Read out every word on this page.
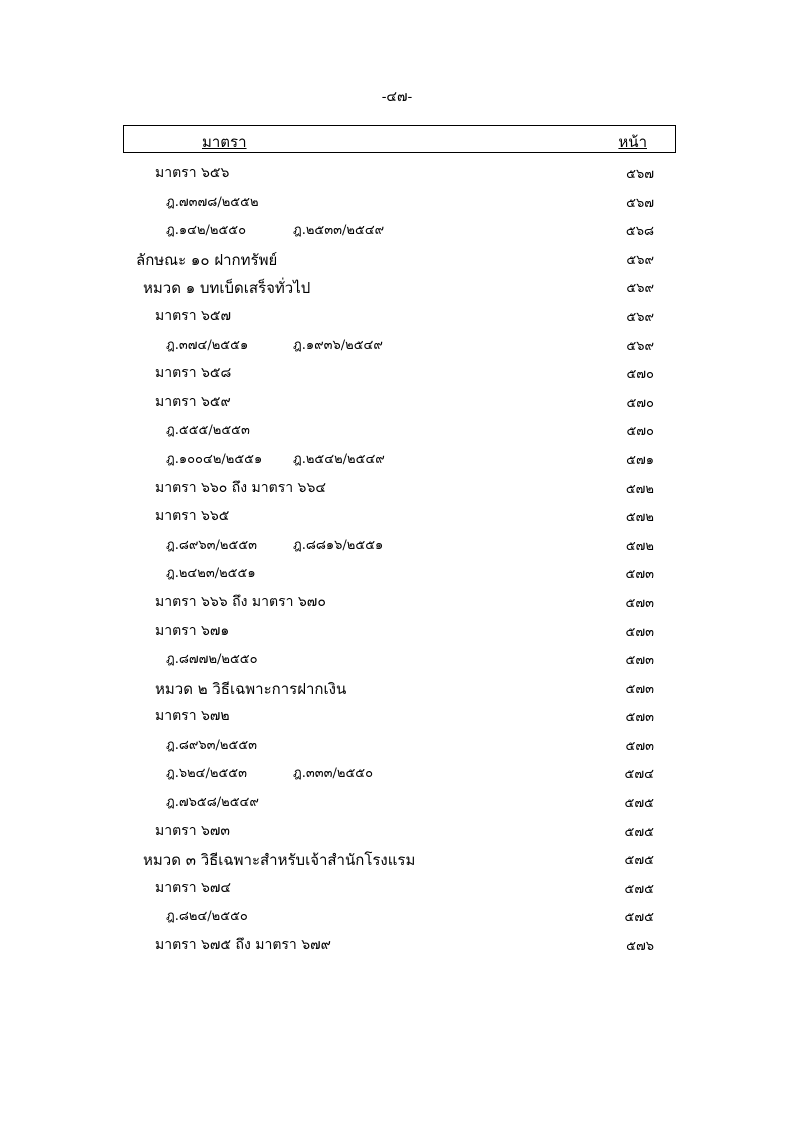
-๔๗-
มาตรา	หน้า
มาตรา ๖๕๖	๕๖๗
ฎ.๗๓๗๘/๒๕๕๒	๕๖๗
ฎ.๑๔๒/๒๕๕๐	ฎ.๒๕๓๓/๒๕๔๙	๕๖๘
ลักษณะ ๑๐ ฝากทรัพย์	๕๖๙
หมวด ๑ บทเบ็ดเสร็จทั่วไป	๕๖๙
มาตรา ๖๕๗	๕๖๙
ฎ.๓๗๔/๒๕๕๑	ฎ.๑๙๓๖/๒๕๔๙	๕๖๙
มาตรา ๖๕๘	๕๗๐
มาตรา ๖๕๙	๕๗๐
ฎ.๕๕๕/๒๕๕๓	๕๗๐
ฎ.๑๐๐๔๒/๒๕๕๑ ฎ.๒๕๔๒/๒๕๔๙	๕๗๑
มาตรา ๖๖๐ ถึง มาตรา ๖๖๔	๕๗๒
มาตรา ๖๖๕	๕๗๒
ฎ.๘๙๖๓/๒๕๕๓	ฎ.๘๘๑๖/๒๕๕๑	๕๗๒
ฎ.๒๔๒๓/๒๕๕๑	๕๗๓
มาตรา ๖๖๖ ถึง มาตรา ๖๗๐	๕๗๓
มาตรา ๖๗๑	๕๗๓
ฎ.๘๗๗๒/๒๕๕๐	๕๗๓
หมวด ๒ วิธีเฉพาะการฝากเงิน	๕๗๓
มาตรา ๖๗๒	๕๗๓
ฎ.๘๙๖๓/๒๕๕๓	๕๗๓
ฎ.๖๒๔/๒๕๕๓	ฎ.๓๓๓/๒๕๕๐	๕๗๔
ฎ.๗๖๕๘/๒๕๔๙	๕๗๕
มาตรา ๖๗๓	๕๗๕
หมวด ๓ วิธีเฉพาะสำหรับเจ้าสำนักโรงแรม	๕๗๕
มาตรา ๖๗๔	๕๗๕
ฎ.๘๒๔/๒๕๕๐	๕๗๕
มาตรา ๖๗๕ ถึง มาตรา ๖๗๙	๕๗๖
